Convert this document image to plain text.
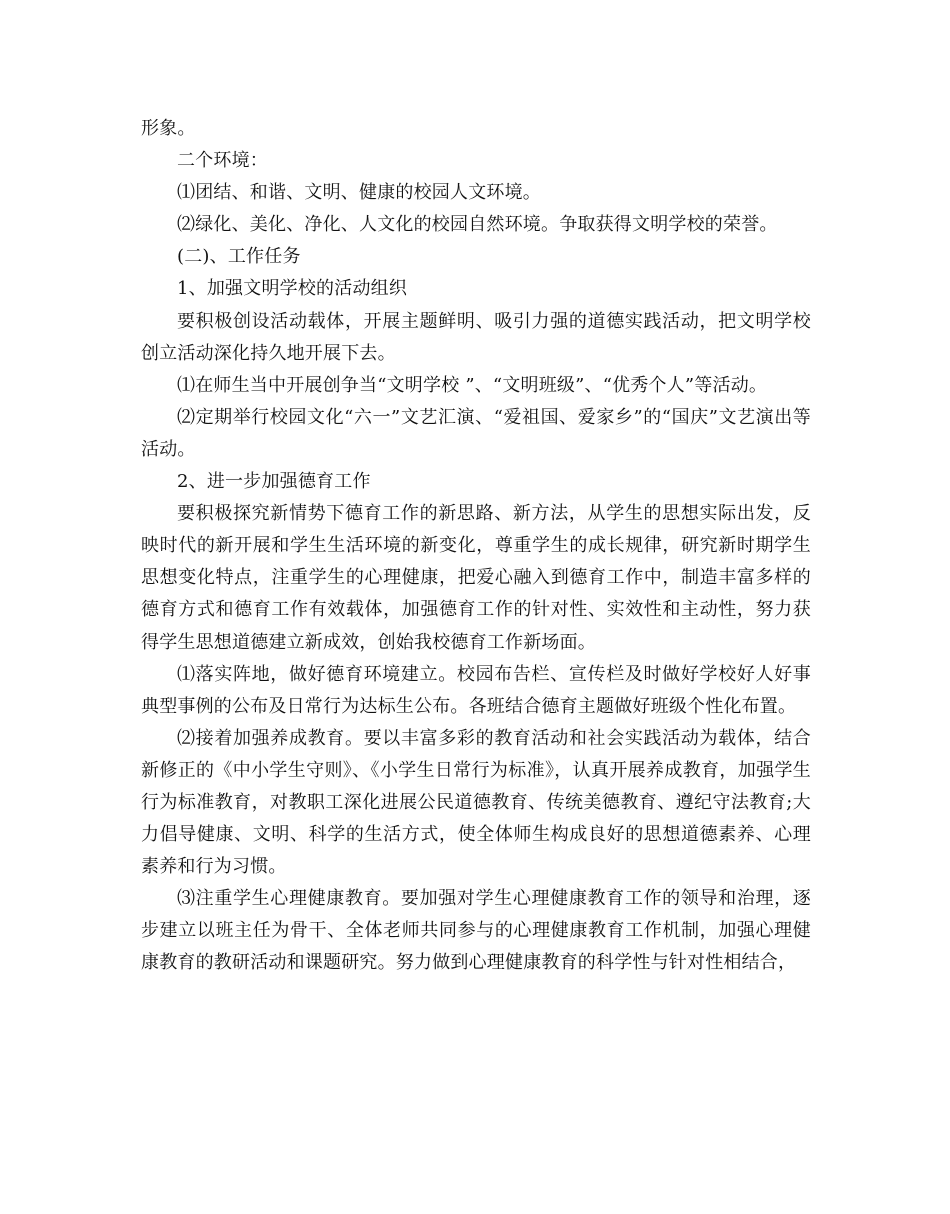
形象。

二个环境：

⑴团结、和谐、文明、健康的校园人文环境。

⑵绿化、美化、净化、人文化的校园自然环境。争取获得文明学校的荣誉。

(二)、工作任务

1、加强文明学校的活动组织

要积极创设活动载体，开展主题鲜明、吸引力强的道德实践活动，把文明学校创立活动深化持久地开展下去。

⑴在师生当中开展创争当“文明学校 ”、“文明班级”、“优秀个人”等活动。

⑵定期举行校园文化“六一”文艺汇演、“爱祖国、爱家乡”的“国庆”文艺演出等活动。

2、进一步加强德育工作

要积极探究新情势下德育工作的新思路、新方法，从学生的思想实际出发，反映时代的新开展和学生生活环境的新变化，尊重学生的成长规律，研究新时期学生思想变化特点，注重学生的心理健康，把爱心融入到德育工作中，制造丰富多样的德育方式和德育工作有效载体，加强德育工作的针对性、实效性和主动性，努力获得学生思想道德建立新成效，创始我校德育工作新场面。

⑴落实阵地，做好德育环境建立。校园布告栏、宣传栏及时做好学校好人好事典型事例的公布及日常行为达标生公布。各班结合德育主题做好班级个性化布置。

⑵接着加强养成教育。要以丰富多彩的教育活动和社会实践活动为载体，结合新修正的《中小学生守则》、《小学生日常行为标准》，认真开展养成教育，加强学生行为标准教育，对教职工深化进展公民道德教育、传统美德教育、遵纪守法教育;大力倡导健康、文明、科学的生活方式，使全体师生构成良好的思想道德素养、心理素养和行为习惯。

⑶注重学生心理健康教育。要加强对学生心理健康教育工作的领导和治理，逐步建立以班主任为骨干、全体老师共同参与的心理健康教育工作机制，加强心理健康教育的教研活动和课题研究。努力做到心理健康教育的科学性与针对性相结合，
